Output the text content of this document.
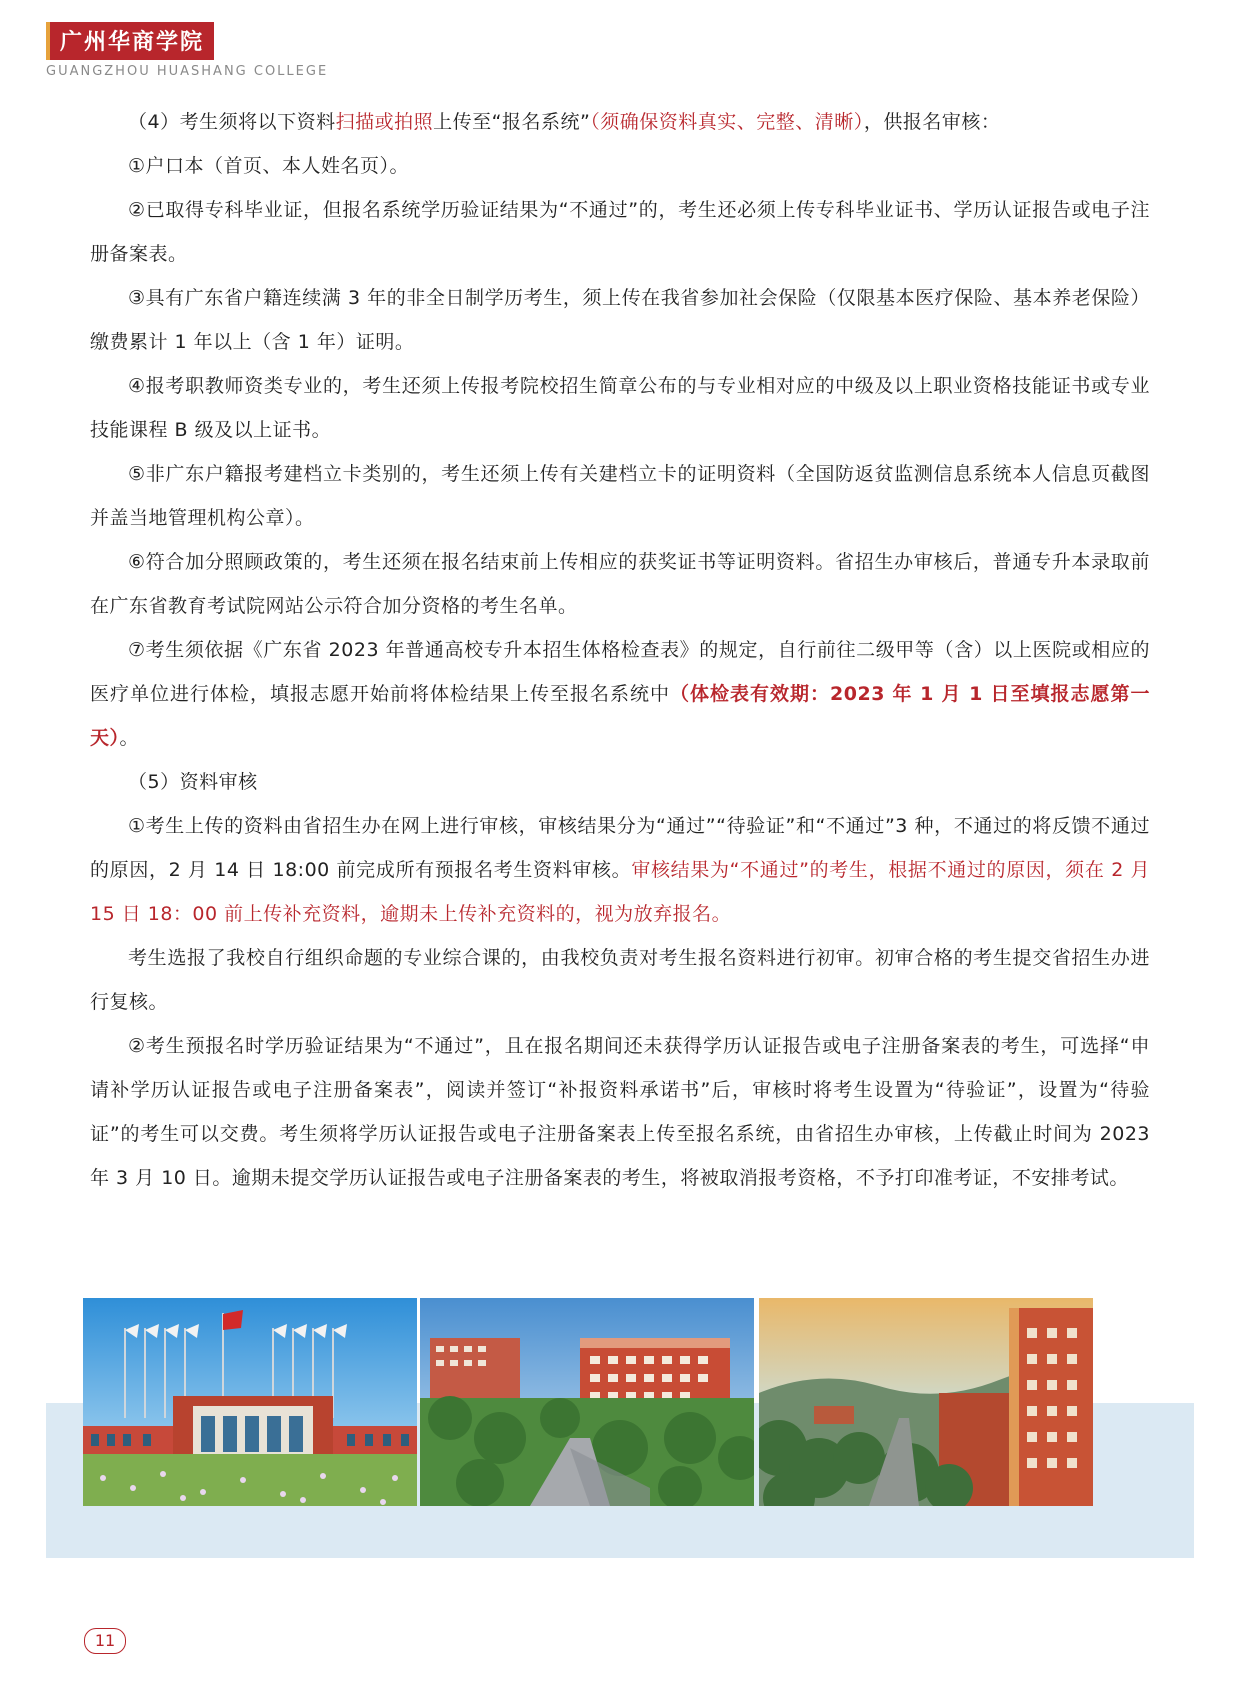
广州华商学院
GUANGZHOU HUASHANG COLLEGE

（4）考生须将以下资料扫描或拍照上传至“报名系统”（须确保资料真实、完整、清晰），供报名审核：

①户口本（首页、本人姓名页）。

②已取得专科毕业证，但报名系统学历验证结果为“不通过”的，考生还必须上传专科毕业证书、学历认证报告或电子注册备案表。

③具有广东省户籍连续满 3 年的非全日制学历考生，须上传在我省参加社会保险（仅限基本医疗保险、基本养老保险）缴费累计 1 年以上（含 1 年）证明。

④报考职教师资类专业的，考生还须上传报考院校招生简章公布的与专业相对应的中级及以上职业资格技能证书或专业技能课程 B 级及以上证书。

⑤非广东户籍报考建档立卡类别的，考生还须上传有关建档立卡的证明资料（全国防返贫监测信息系统本人信息页截图并盖当地管理机构公章）。

⑥符合加分照顾政策的，考生还须在报名结束前上传相应的获奖证书等证明资料。省招生办审核后，普通专升本录取前在广东省教育考试院网站公示符合加分资格的考生名单。

⑦考生须依据《广东省 2023 年普通高校专升本招生体格检查表》的规定，自行前往二级甲等（含）以上医院或相应的医疗单位进行体检，填报志愿开始前将体检结果上传至报名系统中（体检表有效期：2023 年 1 月 1 日至填报志愿第一天）。

（5）资料审核

①考生上传的资料由省招生办在网上进行审核，审核结果分为“通过”“待验证”和“不通过”3 种，不通过的将反馈不通过的原因，2 月 14 日 18:00 前完成所有预报名考生资料审核。审核结果为“不通过”的考生，根据不通过的原因，须在 2 月 15 日 18：00 前上传补充资料，逾期未上传补充资料的，视为放弃报名。

考生选报了我校自行组织命题的专业综合课的，由我校负责对考生报名资料进行初审。初审合格的考生提交省招生办进行复核。

②考生预报名时学历验证结果为“不通过”，且在报名期间还未获得学历认证报告或电子注册备案表的考生，可选择“申请补学历认证报告或电子注册备案表”，阅读并签订“补报资料承诺书”后，审核时将考生设置为“待验证”，设置为“待验证”的考生可以交费。考生须将学历认证报告或电子注册备案表上传至报名系统，由省招生办审核，上传截止时间为 2023 年 3 月 10 日。逾期未提交学历认证报告或电子注册备案表的考生，将被取消报考资格，不予打印准考证，不安排考试。

11
